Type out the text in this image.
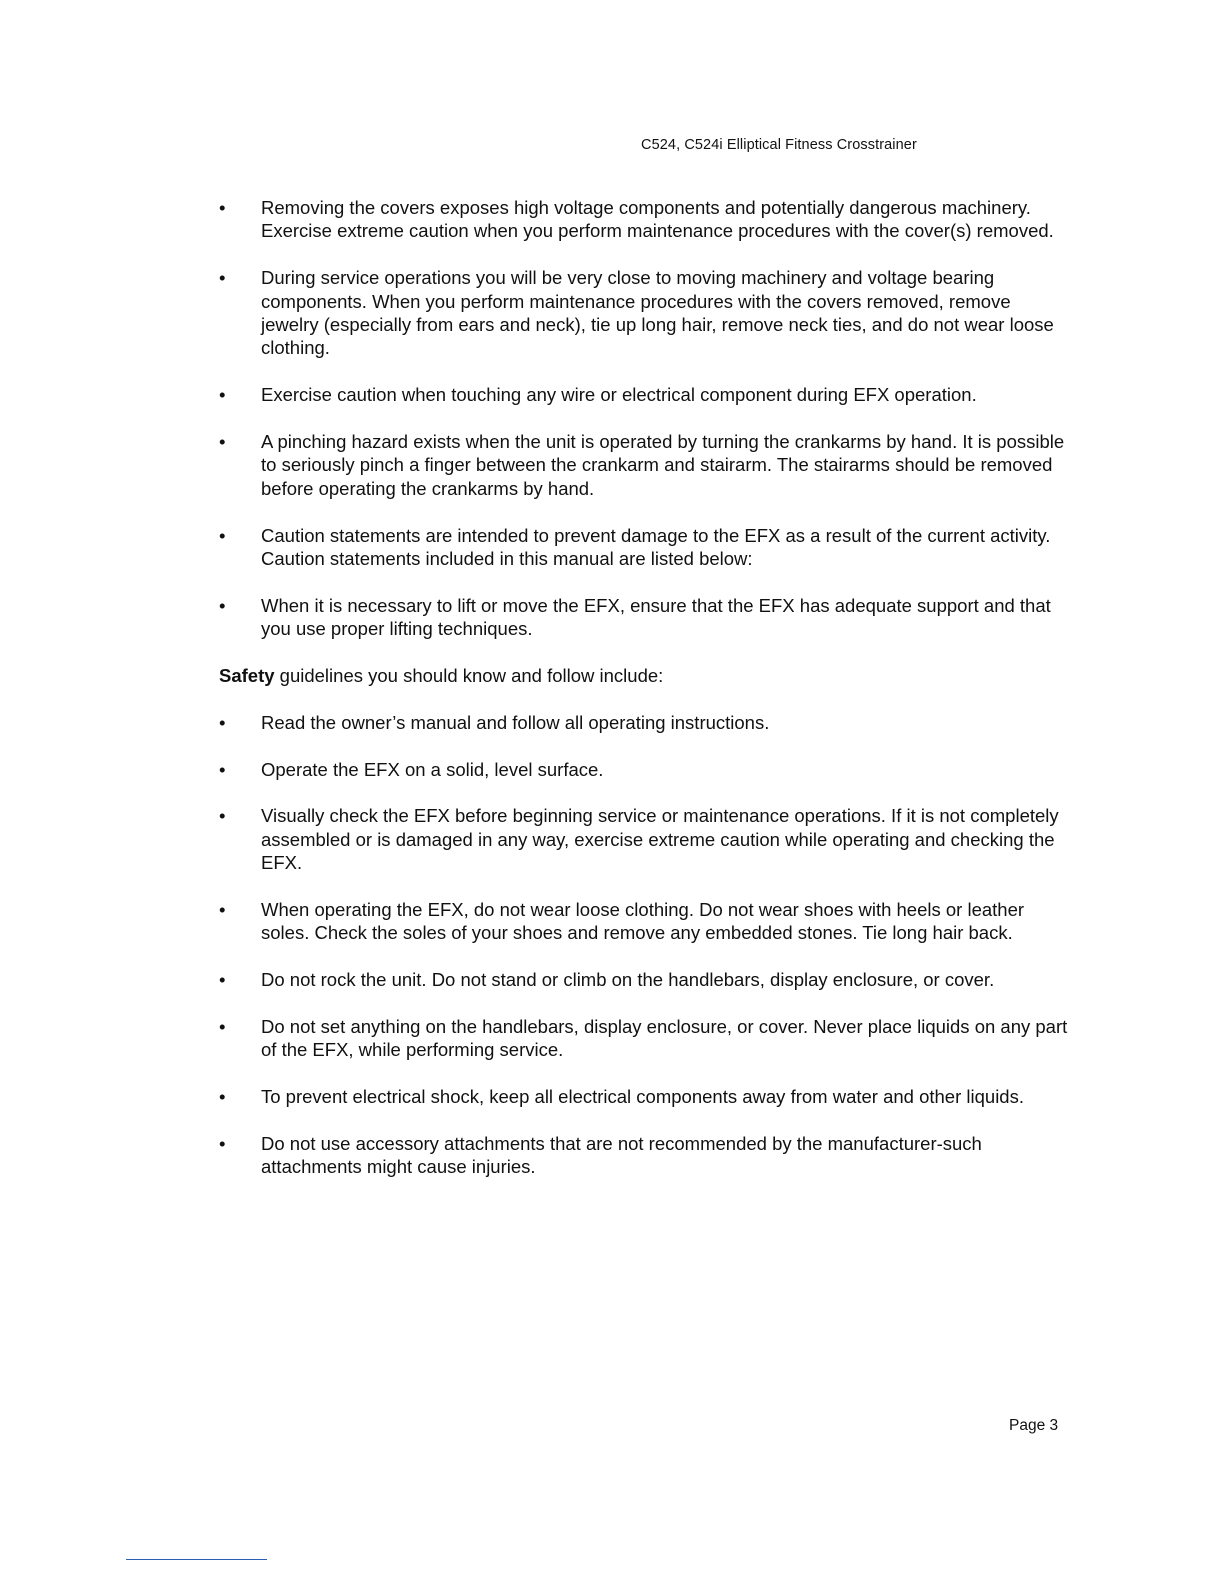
C524, C524i Elliptical Fitness Crosstrainer
• Removing the covers exposes high voltage components and potentially dangerous machinery. Exercise extreme caution when you perform maintenance procedures with the cover(s) removed.
• During service operations you will be very close to moving machinery and voltage bearing components. When you perform maintenance procedures with the covers removed, remove jewelry (especially from ears and neck), tie up long hair, remove neck ties, and do not wear loose clothing.
• Exercise caution when touching any wire or electrical component during EFX operation.
• A pinching hazard exists when the unit is operated by turning the crankarms by hand. It is possible to seriously pinch a finger between the crankarm and stairarm. The stairarms should be removed before operating the crankarms by hand.
• Caution statements are intended to prevent damage to the EFX as a result of the current activity. Caution statements included in this manual are listed below:
• When it is necessary to lift or move the EFX, ensure that the EFX has adequate support and that you use proper lifting techniques.

Safety guidelines you should know and follow include:

• Read the owner’s manual and follow all operating instructions.
• Operate the EFX on a solid, level surface.
• Visually check the EFX before beginning service or maintenance operations. If it is not completely assembled or is damaged in any way, exercise extreme caution while operating and checking the EFX.
• When operating the EFX, do not wear loose clothing. Do not wear shoes with heels or leather soles. Check the soles of your shoes and remove any embedded stones. Tie long hair back.
• Do not rock the unit. Do not stand or climb on the handlebars, display enclosure, or cover.
• Do not set anything on the handlebars, display enclosure, or cover. Never place liquids on any part of the EFX, while performing service.
• To prevent electrical shock, keep all electrical components away from water and other liquids.
• Do not use accessory attachments that are not recommended by the manufacturer-such attachments might cause injuries.
Page 3
